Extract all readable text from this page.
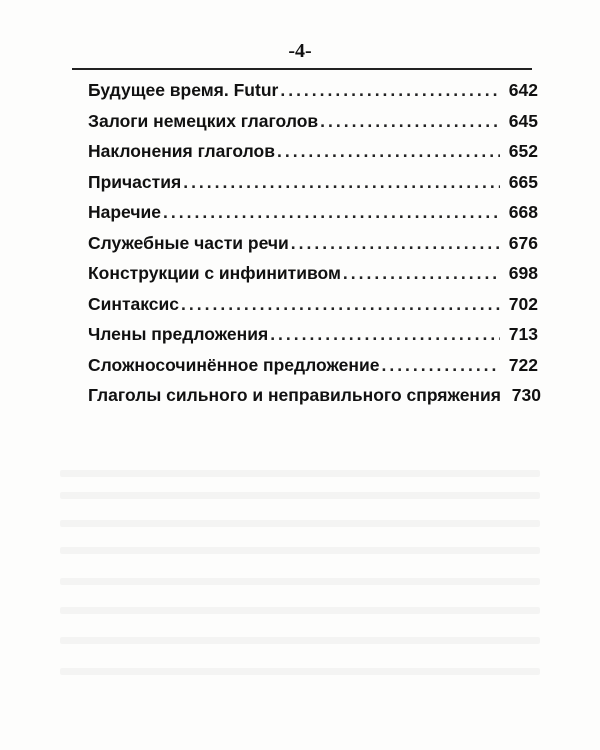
-4-
Будущее время. Futur .....	642
Залоги немецких глаголов .....	645
Наклонения глаголов .....	652
Причастия .....	665
Наречие .....	668
Служебные части речи .....	676
Конструкции с инфинитивом .....	698
Синтаксис .....	702
Члены предложения .....	713
Сложносочинённое предложение .....	722
Глаголы сильного и неправильного спряжения 730
